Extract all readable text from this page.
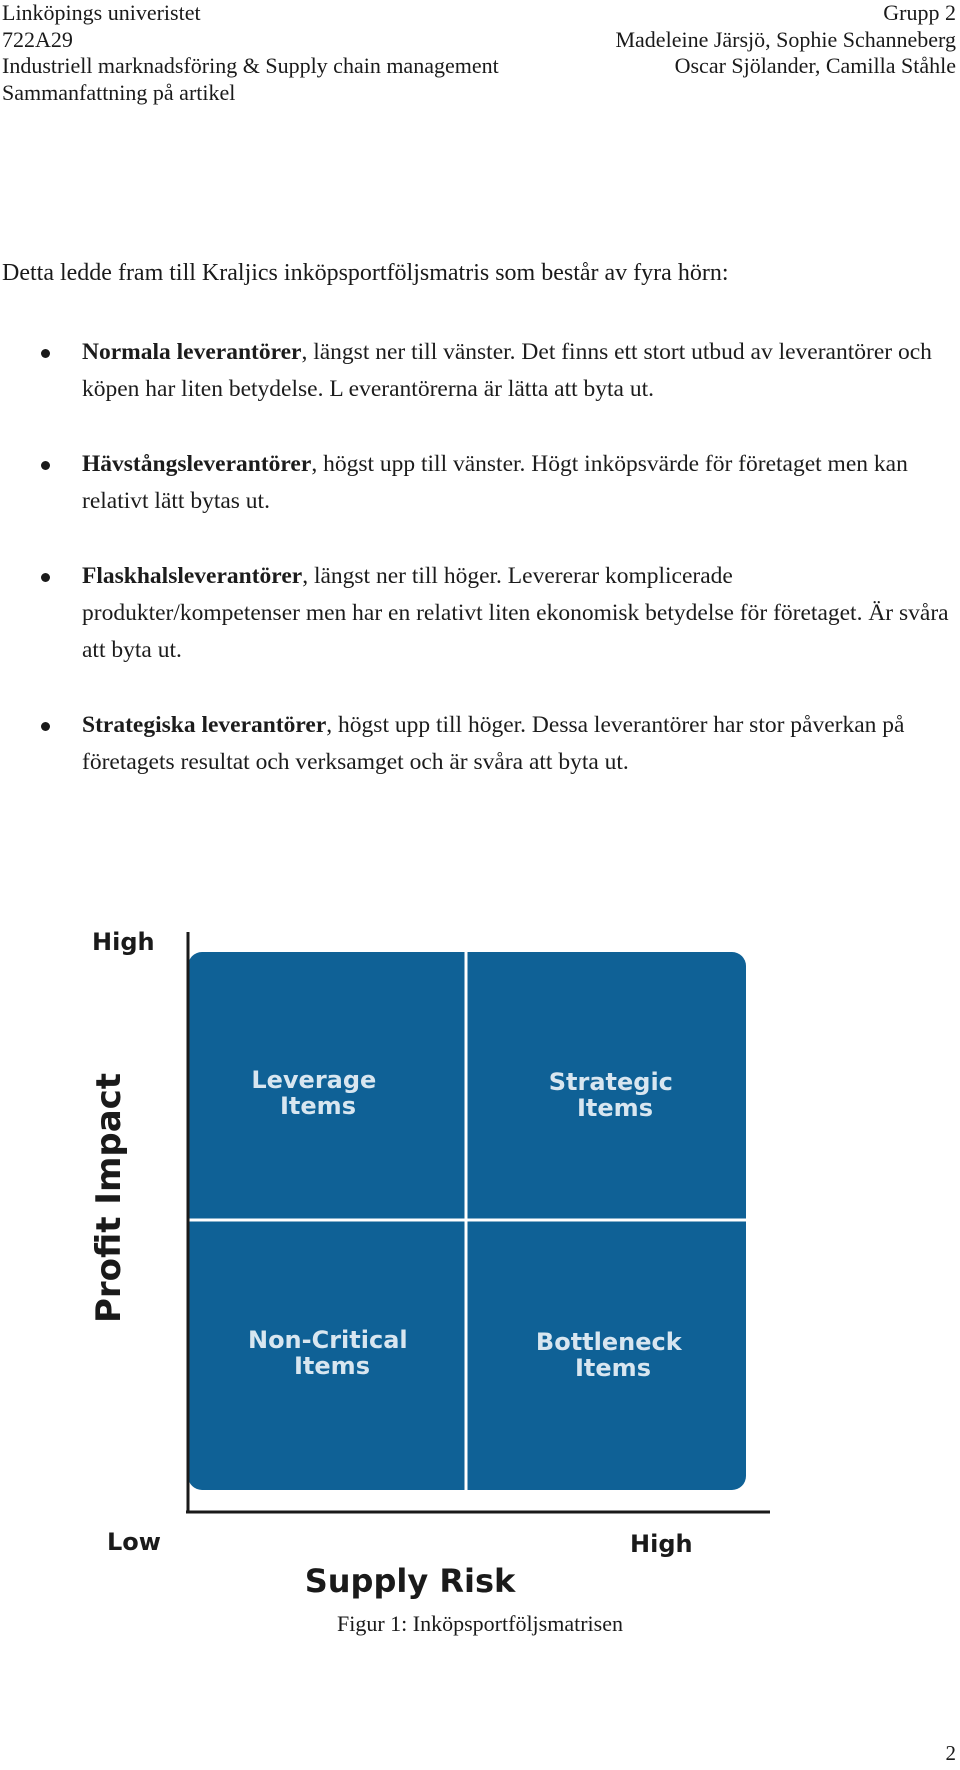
Linköpings univeristet
722A29
Industriell marknadsföring & Supply chain management
Sammanfattning på artikel
Grupp 2
Madeleine Järsjö, Sophie Schanneberg
Oscar Sjölander, Camilla Ståhle
Detta ledde fram till Kraljics inköpsportföljsmatris som består av fyra hörn:
Normala leverantörer, längst ner till vänster. Det finns ett stort utbud av leverantörer och köpen har liten betydelse. L everantörerna är lätta att byta ut.
Hävstångsleverantörer, högst upp till vänster. Högt inköpsvärde för företaget men kan relativt lätt bytas ut.
Flaskhalsleverantörer, längst ner till höger. Levererar komplicerade produkter/kompetenser men har en relativt liten ekonomisk betydelse för företaget. Är svåra att byta ut.
Strategiska leverantörer, högst upp till höger. Dessa leverantörer har stor påverkan på företagets resultat och verksamget och är svåra att byta ut.
Leverage Items
Strategic Items
Non-Critical Items
Bottleneck Items
High
Low	High
Supply Risk
Profit Impact
Figur 1: Inköpsportföljsmatrisen
2
